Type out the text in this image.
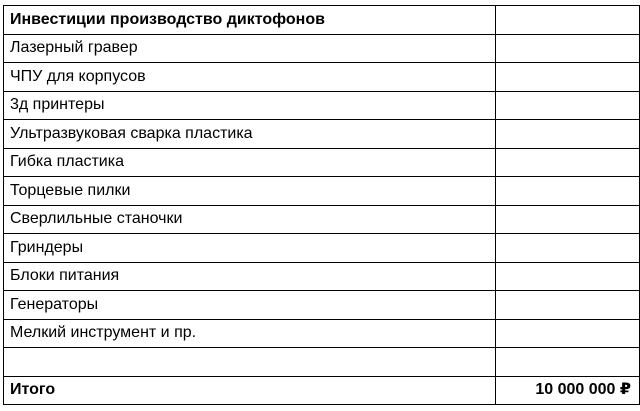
Инвестиции производство диктофонов	
Лазерный гравер	
ЧПУ для корпусов	
3д принтеры	
Ультразвуковая сварка пластика	
Гибка пластика	
Торцевые пилки	
Сверлильные станочки	
Гриндеры	
Блоки питания	
Генераторы	
Мелкий инструмент и пр.	

Итого	10 000 000 ₽
